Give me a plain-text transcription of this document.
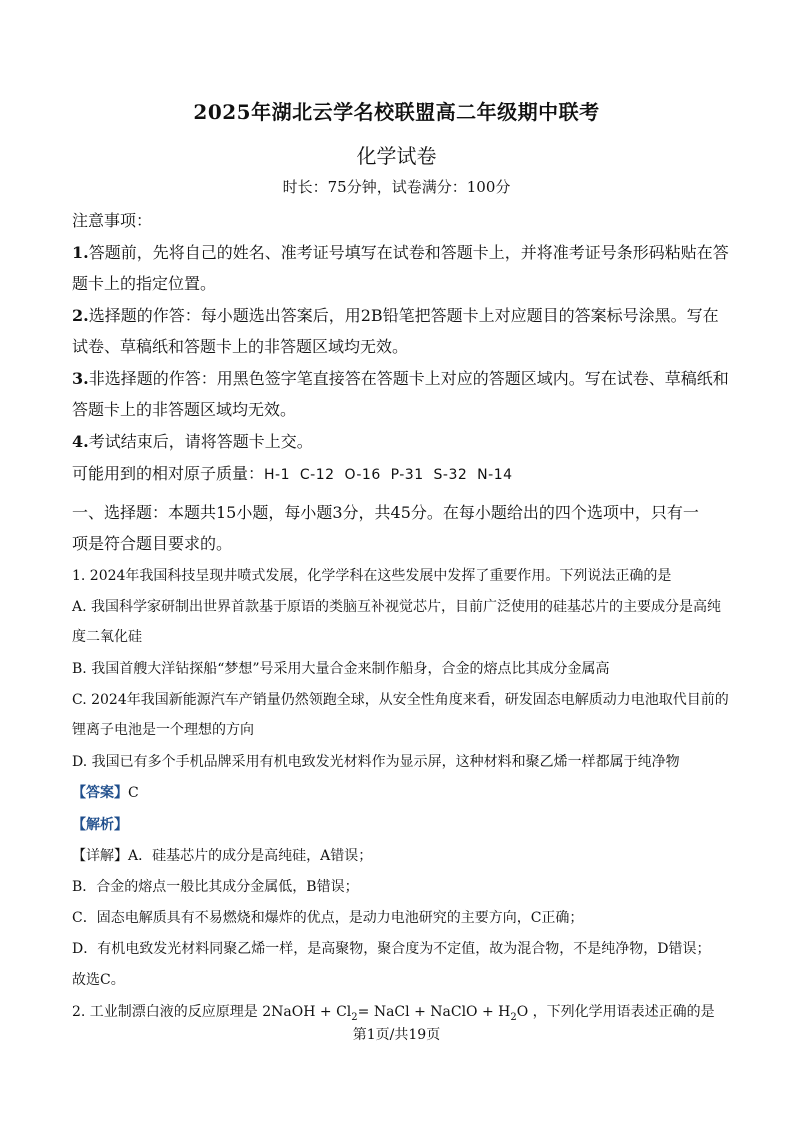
2025年湖北云学名校联盟高二年级期中联考
化学试卷
时长：75分钟，试卷满分：100分
注意事项：
1.答题前，先将自己的姓名、准考证号填写在试卷和答题卡上，并将准考证号条形码粘贴在答
题卡上的指定位置。
2.选择题的作答：每小题选出答案后，用2B铅笔把答题卡上对应题目的答案标号涂黑。写在
试卷、草稿纸和答题卡上的非答题区域均无效。
3.非选择题的作答：用黑色签字笔直接答在答题卡上对应的答题区域内。写在试卷、草稿纸和
答题卡上的非答题区域均无效。
4.考试结束后，请将答题卡上交。
可能用到的相对原子质量：H-1  C-12  O-16  P-31  S-32  N-14
一、选择题：本题共15小题，每小题3分，共45分。在每小题给出的四个选项中，只有一
项是符合题目要求的。
1. 2024年我国科技呈现井喷式发展，化学学科在这些发展中发挥了重要作用。下列说法正确的是
A. 我国科学家研制出世界首款基于原语的类脑互补视觉芯片，目前广泛使用的硅基芯片的主要成分是高纯
度二氧化硅
B. 我国首艘大洋钻探船“梦想”号采用大量合金来制作船身，合金的熔点比其成分金属高
C. 2024年我国新能源汽车产销量仍然领跑全球，从安全性角度来看，研发固态电解质动力电池取代目前的
锂离子电池是一个理想的方向
D. 我国已有多个手机品牌采用有机电致发光材料作为显示屏，这种材料和聚乙烯一样都属于纯净物
【答案】C
【解析】
【详解】A．硅基芯片的成分是高纯硅，A错误；
B．合金的熔点一般比其成分金属低，B错误；
C．固态电解质具有不易燃烧和爆炸的优点，是动力电池研究的主要方向，C正确；
D．有机电致发光材料同聚乙烯一样，是高聚物，聚合度为不定值，故为混合物，不是纯净物，D错误；
故选C。
2. 工业制漂白液的反应原理是 2NaOH + $Cl_2=$ NaCl + NaClO + $H_2O$ ，下列化学用语表述正确的是
第1页/共19页
